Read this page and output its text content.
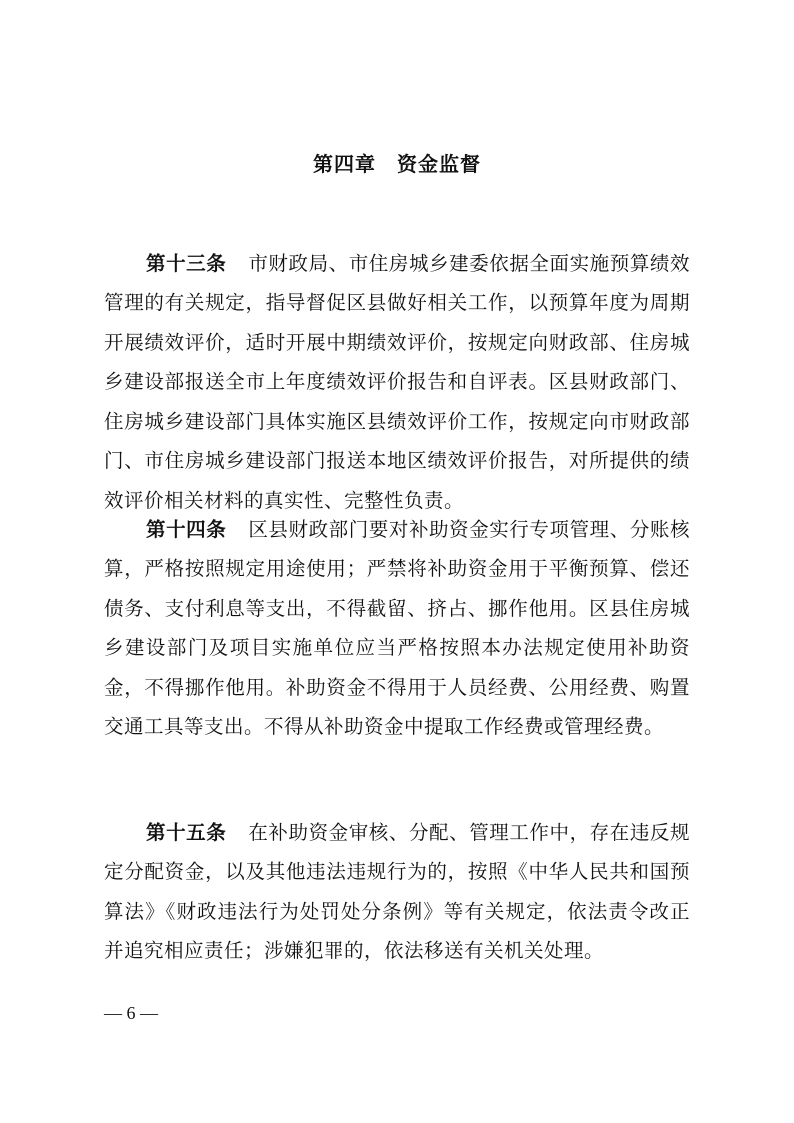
第四章　资金监督

第十三条 市财政局、市住房城乡建委依据全面实施预算绩效管理的有关规定，指导督促区县做好相关工作，以预算年度为周期开展绩效评价，适时开展中期绩效评价，按规定向财政部、住房城乡建设部报送全市上年度绩效评价报告和自评表。区县财政部门、住房城乡建设部门具体实施区县绩效评价工作，按规定向市财政部门、市住房城乡建设部门报送本地区绩效评价报告，对所提供的绩效评价相关材料的真实性、完整性负责。

第十四条 区县财政部门要对补助资金实行专项管理、分账核算，严格按照规定用途使用；严禁将补助资金用于平衡预算、偿还债务、支付利息等支出，不得截留、挤占、挪作他用。区县住房城乡建设部门及项目实施单位应当严格按照本办法规定使用补助资金，不得挪作他用。补助资金不得用于人员经费、公用经费、购置交通工具等支出。不得从补助资金中提取工作经费或管理经费。

第十五条 在补助资金审核、分配、管理工作中，存在违反规定分配资金，以及其他违法违规行为的，按照《中华人民共和国预算法》《财政违法行为处罚处分条例》等有关规定，依法责令改正并追究相应责任；涉嫌犯罪的，依法移送有关机关处理。

— 6 —
